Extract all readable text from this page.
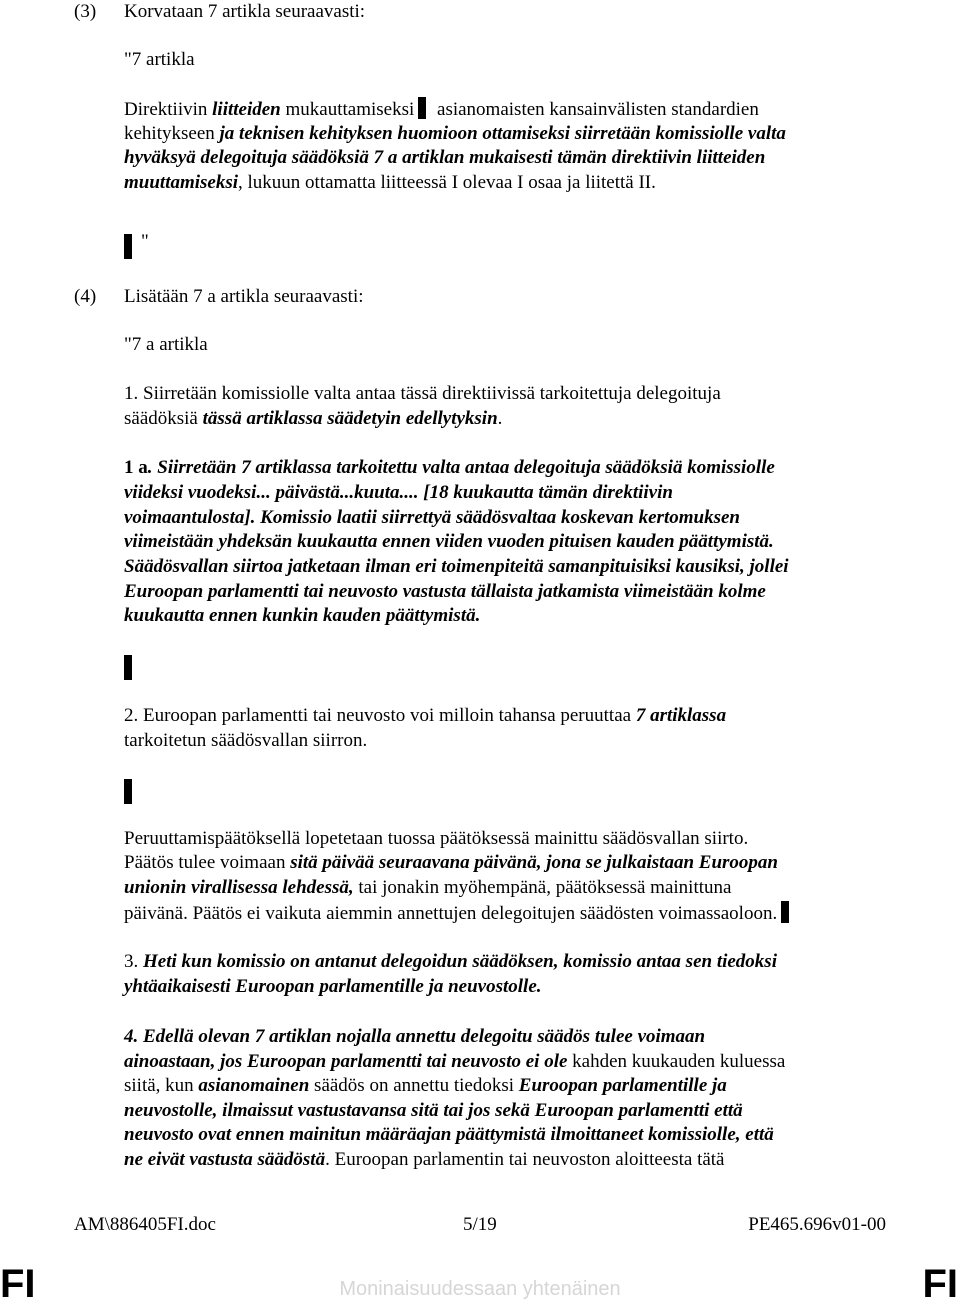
(3) Korvataan 7 artikla seuraavasti:
"7 artikla
Direktiivin liitteiden mukauttamiseksi asianomaisten kansainvälisten standardien
kehitykseen ja teknisen kehityksen huomioon ottamiseksi siirretään komissiolle valta
hyväksyä delegoituja säädöksiä 7 a artiklan mukaisesti tämän direktiivin liitteiden
muuttamiseksi, lukuun ottamatta liitteessä I olevaa I osaa ja liitettä II.
"
(4) Lisätään 7 a artikla seuraavasti:
"7 a artikla
1. Siirretään komissiolle valta antaa tässä direktiivissä tarkoitettuja delegoituja
säädöksiä tässä artiklassa säädetyin edellytyksin.
1 a. Siirretään 7 artiklassa tarkoitettu valta antaa delegoituja säädöksiä komissiolle
viideksi vuodeksi... päivästä...kuuta.... [18 kuukautta tämän direktiivin
voimaantulosta]. Komissio laatii siirrettyä säädösvaltaa koskevan kertomuksen
viimeistään yhdeksän kuukautta ennen viiden vuoden pituisen kauden päättymistä.
Säädösvallan siirtoa jatketaan ilman eri toimenpiteitä samanpituisiksi kausiksi, jollei
Euroopan parlamentti tai neuvosto vastusta tällaista jatkamista viimeistään kolme
kuukautta ennen kunkin kauden päättymistä.
2. Euroopan parlamentti tai neuvosto voi milloin tahansa peruuttaa 7 artiklassa
tarkoitetun säädösvallan siirron.
Peruuttamispäätöksellä lopetetaan tuossa päätöksessä mainittu säädösvallan siirto.
Päätös tulee voimaan sitä päivää seuraavana päivänä, jona se julkaistaan Euroopan
unionin virallisessa lehdessä, tai jonakin myöhempänä, päätöksessä mainittuna
päivänä. Päätös ei vaikuta aiemmin annettujen delegoitujen säädösten voimassaoloon.
3. Heti kun komissio on antanut delegoidun säädöksen, komissio antaa sen tiedoksi
yhtäaikaisesti Euroopan parlamentille ja neuvostolle.
4. Edellä olevan 7 artiklan nojalla annettu delegoitu säädös tulee voimaan
ainoastaan, jos Euroopan parlamentti tai neuvosto ei ole kahden kuukauden kuluessa
siitä, kun asianomainen säädös on annettu tiedoksi Euroopan parlamentille ja
neuvostolle, ilmaissut vastustavansa sitä tai jos sekä Euroopan parlamentti että
neuvosto ovat ennen mainitun määräajan päättymistä ilmoittaneet komissiolle, että
ne eivät vastusta säädöstä. Euroopan parlamentin tai neuvoston aloitteesta tätä
AM\886405FI.doc	5/19	PE465.696v01-00
FI	Moninaisuudessaan yhtenäinen	FI
